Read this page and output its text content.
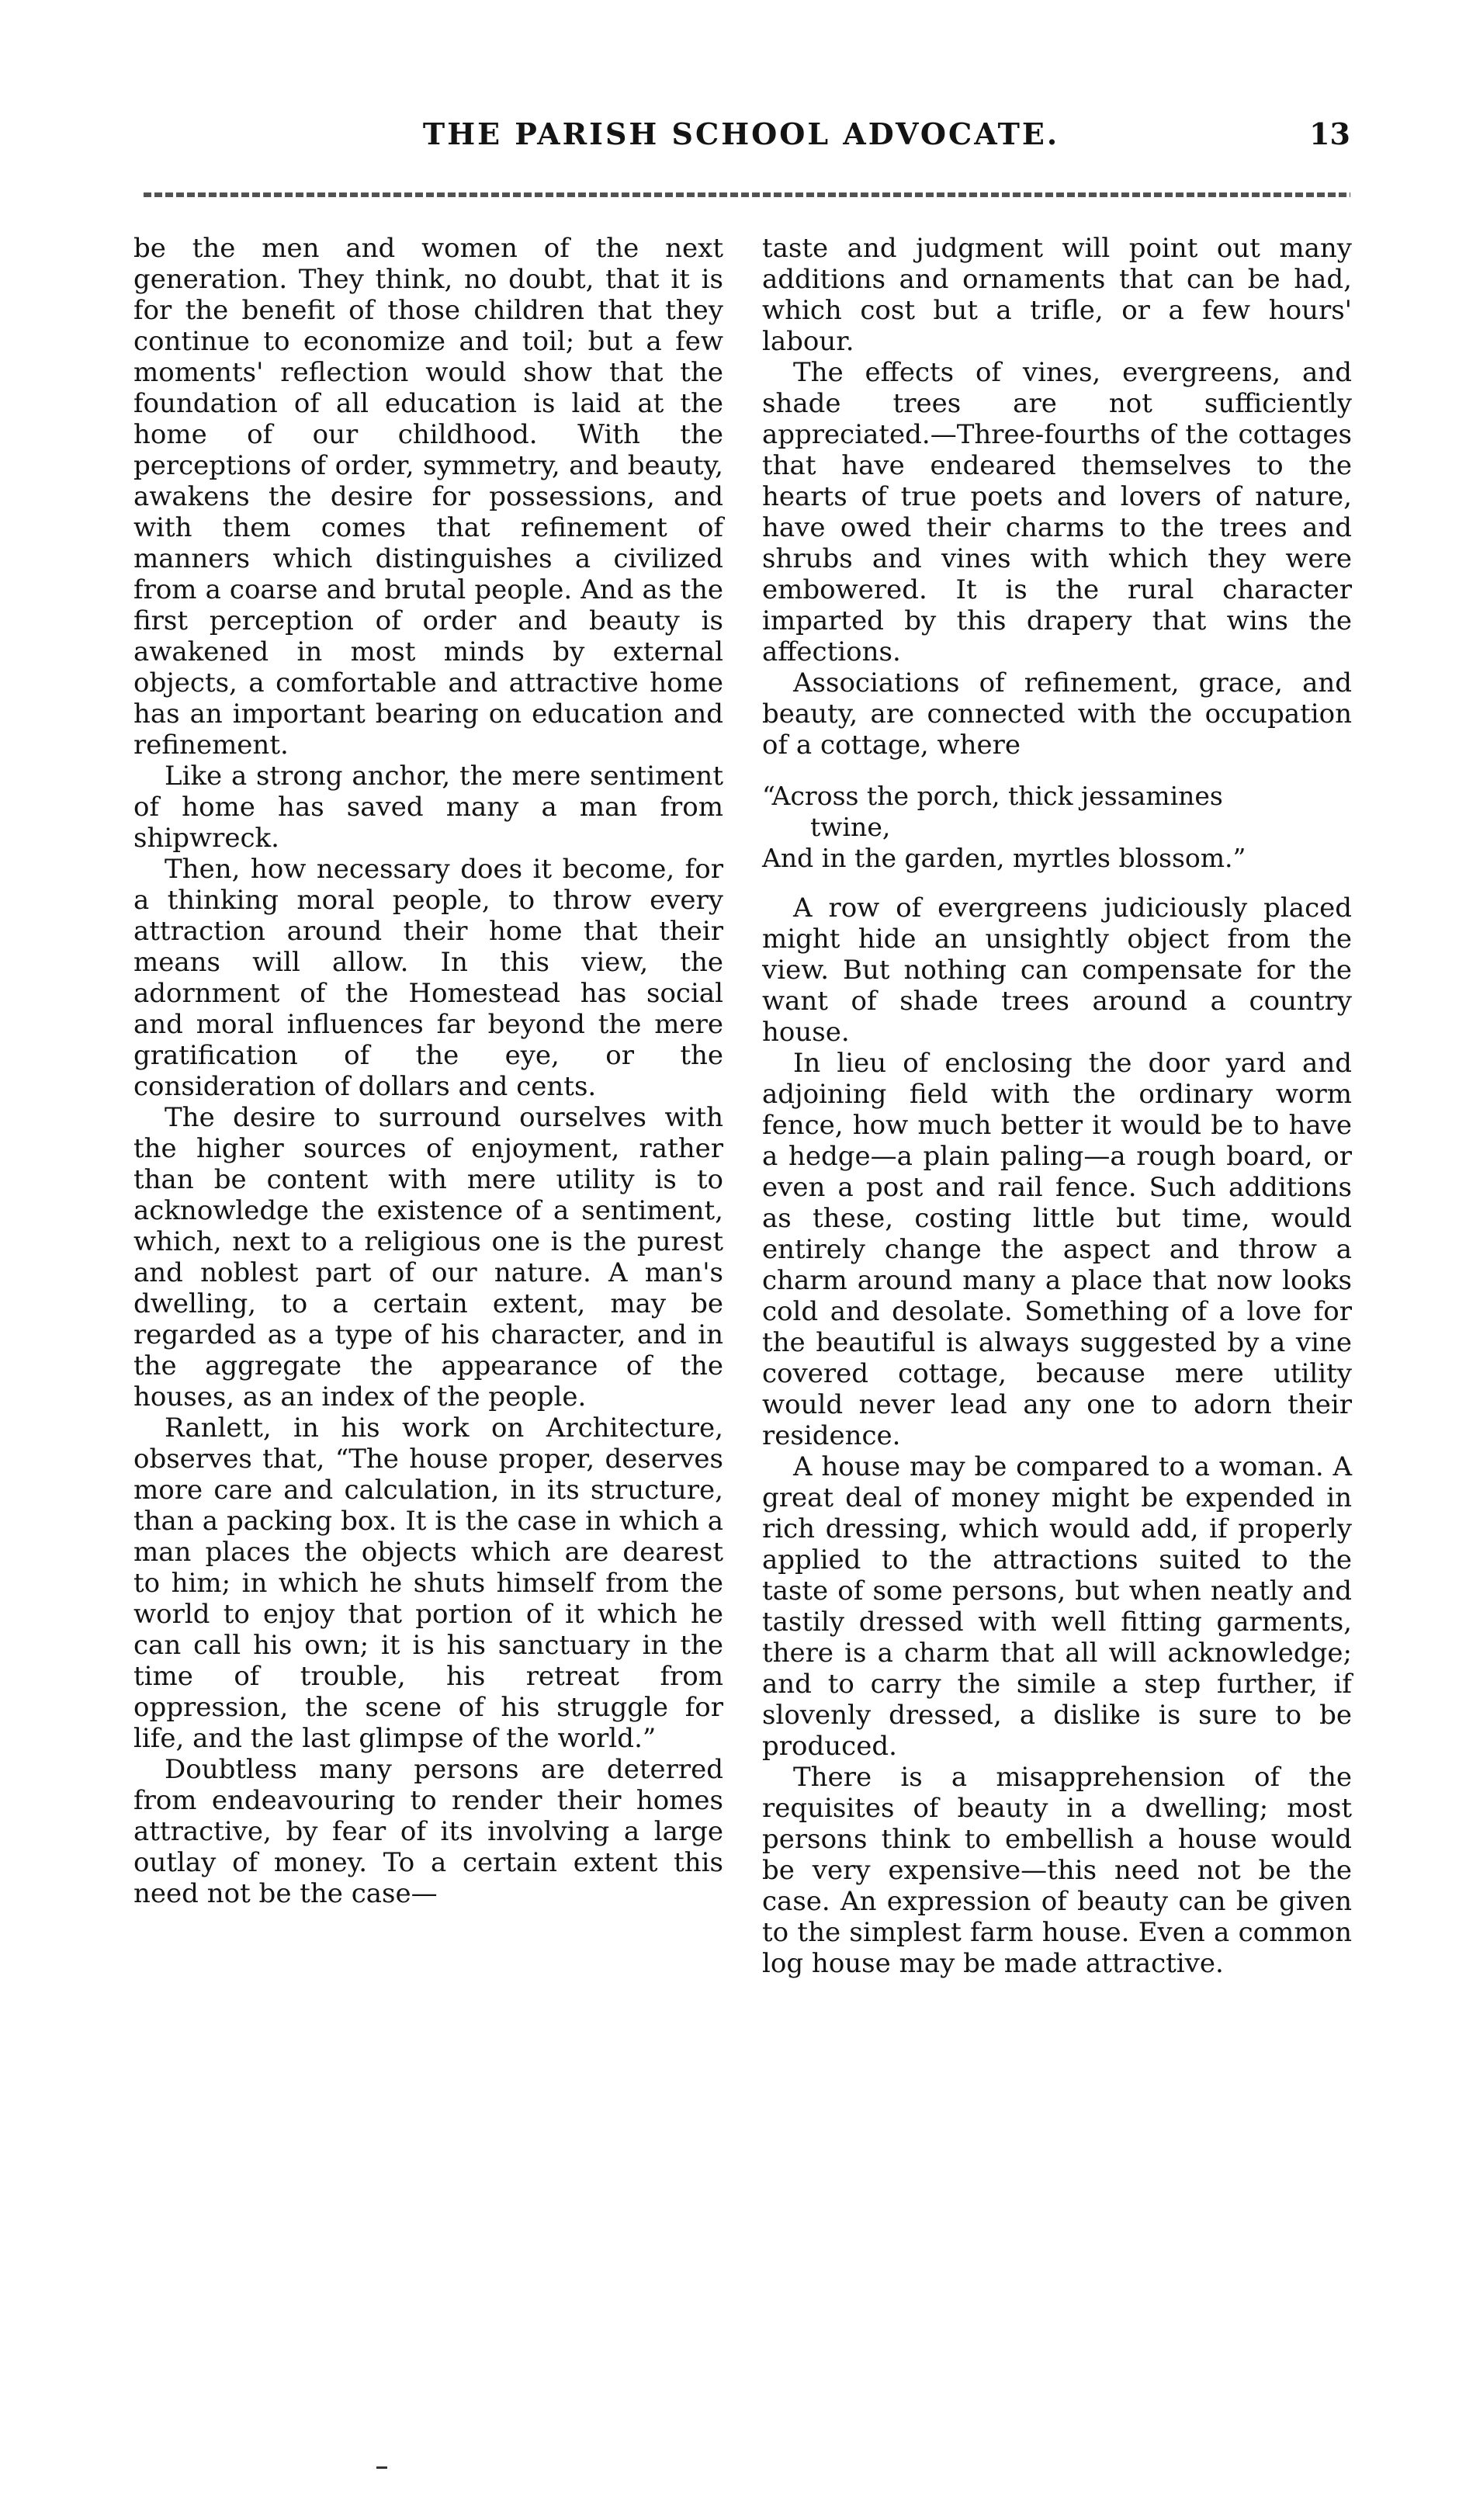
THE PARISH SCHOOL ADVOCATE.	13

be the men and women of the next generation. They think, no doubt, that it is for the benefit of those children that they continue to economize and toil; but a few moments' reflection would show that the foundation of all education is laid at the home of our childhood. With the perceptions of order, symmetry, and beauty, awakens the desire for possessions, and with them comes that refinement of manners which distinguishes a civilized from a coarse and brutal people. And as the first perception of order and beauty is awakened in most minds by external objects, a comfortable and attractive home has an important bearing on education and refinement.

Like a strong anchor, the mere sentiment of home has saved many a man from shipwreck.

Then, how necessary does it become, for a thinking moral people, to throw every attraction around their home that their means will allow. In this view, the adornment of the Homestead has social and moral influences far beyond the mere gratification of the eye, or the consideration of dollars and cents.

The desire to surround ourselves with the higher sources of enjoyment, rather than be content with mere utility is to acknowledge the existence of a sentiment, which, next to a religious one is the purest and noblest part of our nature. A man's dwelling, to a certain extent, may be regarded as a type of his character, and in the aggregate the appearance of the houses, as an index of the people.

Ranlett, in his work on Architecture, observes that, “The house proper, deserves more care and calculation, in its structure, than a packing box. It is the case in which a man places the objects which are dearest to him; in which he shuts himself from the world to enjoy that portion of it which he can call his own; it is his sanctuary in the time of trouble, his retreat from oppression, the scene of his struggle for life, and the last glimpse of the world.”

Doubtless many persons are deterred from endeavouring to render their homes attractive, by fear of its involving a large outlay of money. To a certain extent this need not be the case—

taste and judgment will point out many additions and ornaments that can be had, which cost but a trifle, or a few hours' labour.

The effects of vines, evergreens, and shade trees are not sufficiently appreciated.—Three-fourths of the cottages that have endeared themselves to the hearts of true poets and lovers of nature, have owed their charms to the trees and shrubs and vines with which they were embowered. It is the rural character imparted by this drapery that wins the affections.

Associations of refinement, grace, and beauty, are connected with the occupation of a cottage, where

“Across the porch, thick jessamines
twine,
And in the garden, myrtles blossom.”

A row of evergreens judiciously placed might hide an unsightly object from the view. But nothing can compensate for the want of shade trees around a country house.

In lieu of enclosing the door yard and adjoining field with the ordinary worm fence, how much better it would be to have a hedge—a plain paling—a rough board, or even a post and rail fence. Such additions as these, costing little but time, would entirely change the aspect and throw a charm around many a place that now looks cold and desolate. Something of a love for the beautiful is always suggested by a vine covered cottage, because mere utility would never lead any one to adorn their residence.

A house may be compared to a woman. A great deal of money might be expended in rich dressing, which would add, if properly applied to the attractions suited to the taste of some persons, but when neatly and tastily dressed with well fitting garments, there is a charm that all will acknowledge; and to carry the simile a step further, if slovenly dressed, a dislike is sure to be produced.

There is a misapprehension of the requisites of beauty in a dwelling; most persons think to embellish a house would be very expensive—this need not be the case. An expression of beauty can be given to the simplest farm house. Even a common log house may be made attractive.
